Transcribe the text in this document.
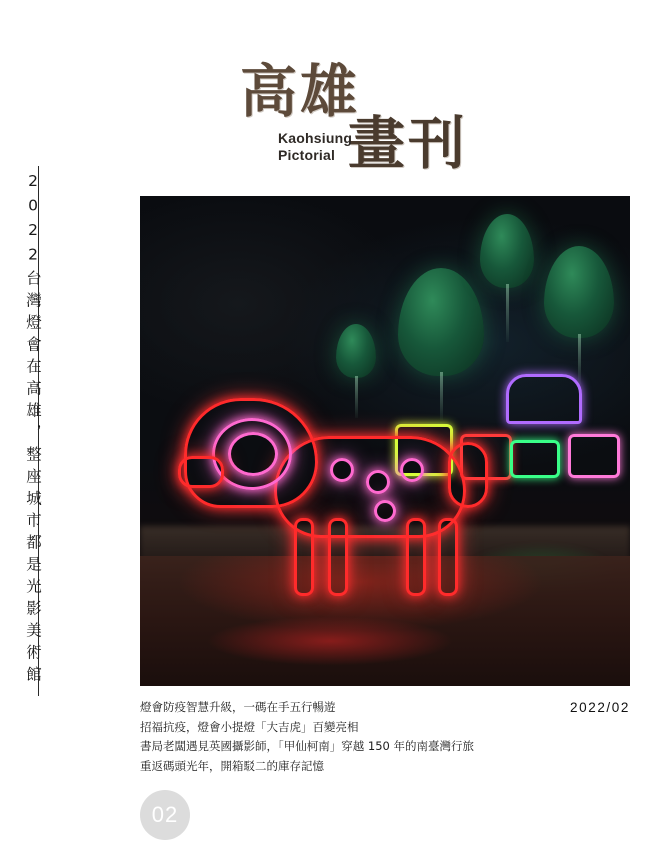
2022台灣燈會在高雄，整座城市都是光影美術館
高雄
畫刊
Kaohsiung
Pictorial
燈會防疫智慧升級，一碼在手五行暢遊
招福抗疫，燈會小提燈「大吉虎」百變亮相
書局老闆遇見英國攝影師，「甲仙柯南」穿越 150 年的南臺灣行旅
重返碼頭光年，開箱駁二的庫存記憶
2022/02
02
